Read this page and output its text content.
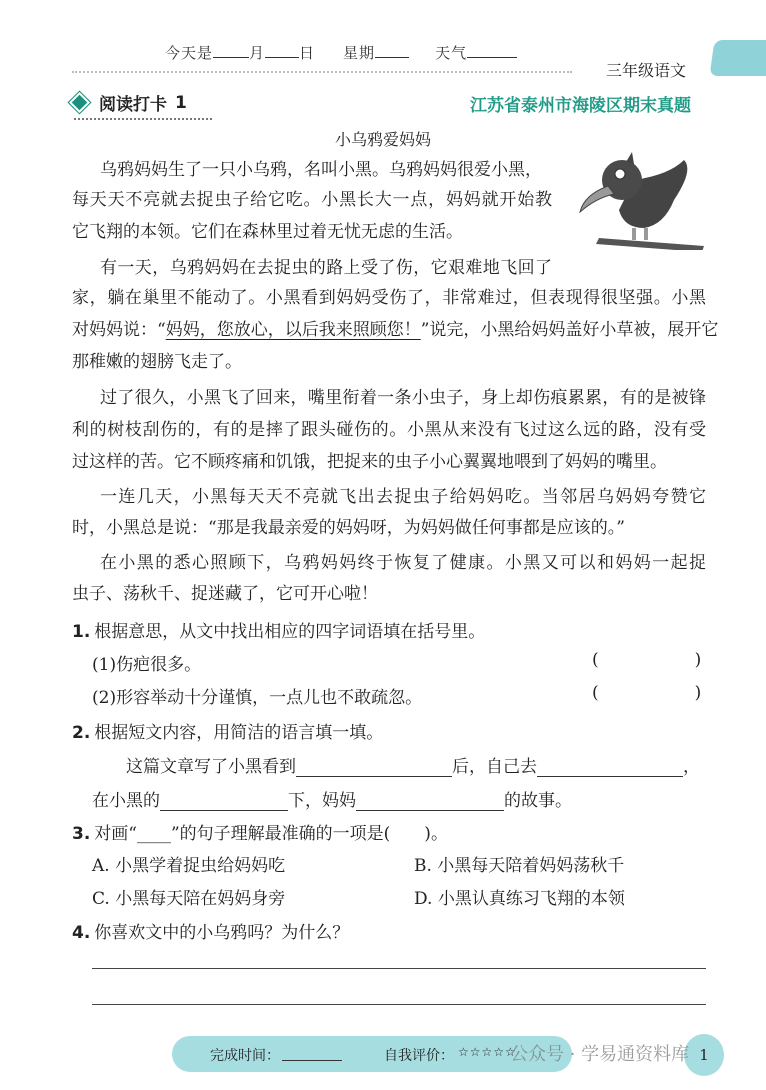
今天是 月 日 星期	天气
三年级语文
阅读打卡 1	江苏省泰州市海陵区期末真题
小乌鸦爱妈妈
乌鸦妈妈生了一只小乌鸦，名叫小黑。乌鸦妈妈很爱小黑，
每天天不亮就去捉虫子给它吃。小黑长大一点，妈妈就开始教
它飞翔的本领。它们在森林里过着无忧无虑的生活。
有一天，乌鸦妈妈在去捉虫的路上受了伤，它艰难地飞回了
家，躺在巢里不能动了。小黑看到妈妈受伤了，非常难过，但表现得很坚强。小黑
对妈妈说：“妈妈，您放心，以后我来照顾您！”说完，小黑给妈妈盖好小草被，展开它
那稚嫩的翅膀飞走了。
过了很久，小黑飞了回来，嘴里衔着一条小虫子，身上却伤痕累累，有的是被锋
利的树枝刮伤的，有的是摔了跟头碰伤的。小黑从来没有飞过这么远的路，没有受
过这样的苦。它不顾疼痛和饥饿，把捉来的虫子小心翼翼地喂到了妈妈的嘴里。
一连几天，小黑每天天不亮就飞出去捉虫子给妈妈吃。当邻居乌妈妈夸赞它
时，小黑总是说：“那是我最亲爱的妈妈呀，为妈妈做任何事都是应该的。”
在小黑的悉心照顾下，乌鸦妈妈终于恢复了健康。小黑又可以和妈妈一起捉
虫子、荡秋千、捉迷藏了，它可开心啦！
1. 根据意思，从文中找出相应的四字词语填在括号里。
(1)伤疤很多。	(	)
(2)形容举动十分谨慎，一点儿也不敢疏忽。	(	)
2. 根据短文内容，用简洁的语言填一填。
这篇文章写了小黑看到	后，自己去	，
在小黑的	下，妈妈	的故事。
3. 对画“____”的句子理解最准确的一项是(　　)。
A. 小黑学着捉虫给妈妈吃	B. 小黑每天陪着妈妈荡秋千
C. 小黑每天陪在妈妈身旁	D. 小黑认真练习飞翔的本领
4. 你喜欢文中的小乌鸦吗？为什么？
完成时间：	自我评价： ☆☆☆☆☆	1
公众号 · 学易通资料库
